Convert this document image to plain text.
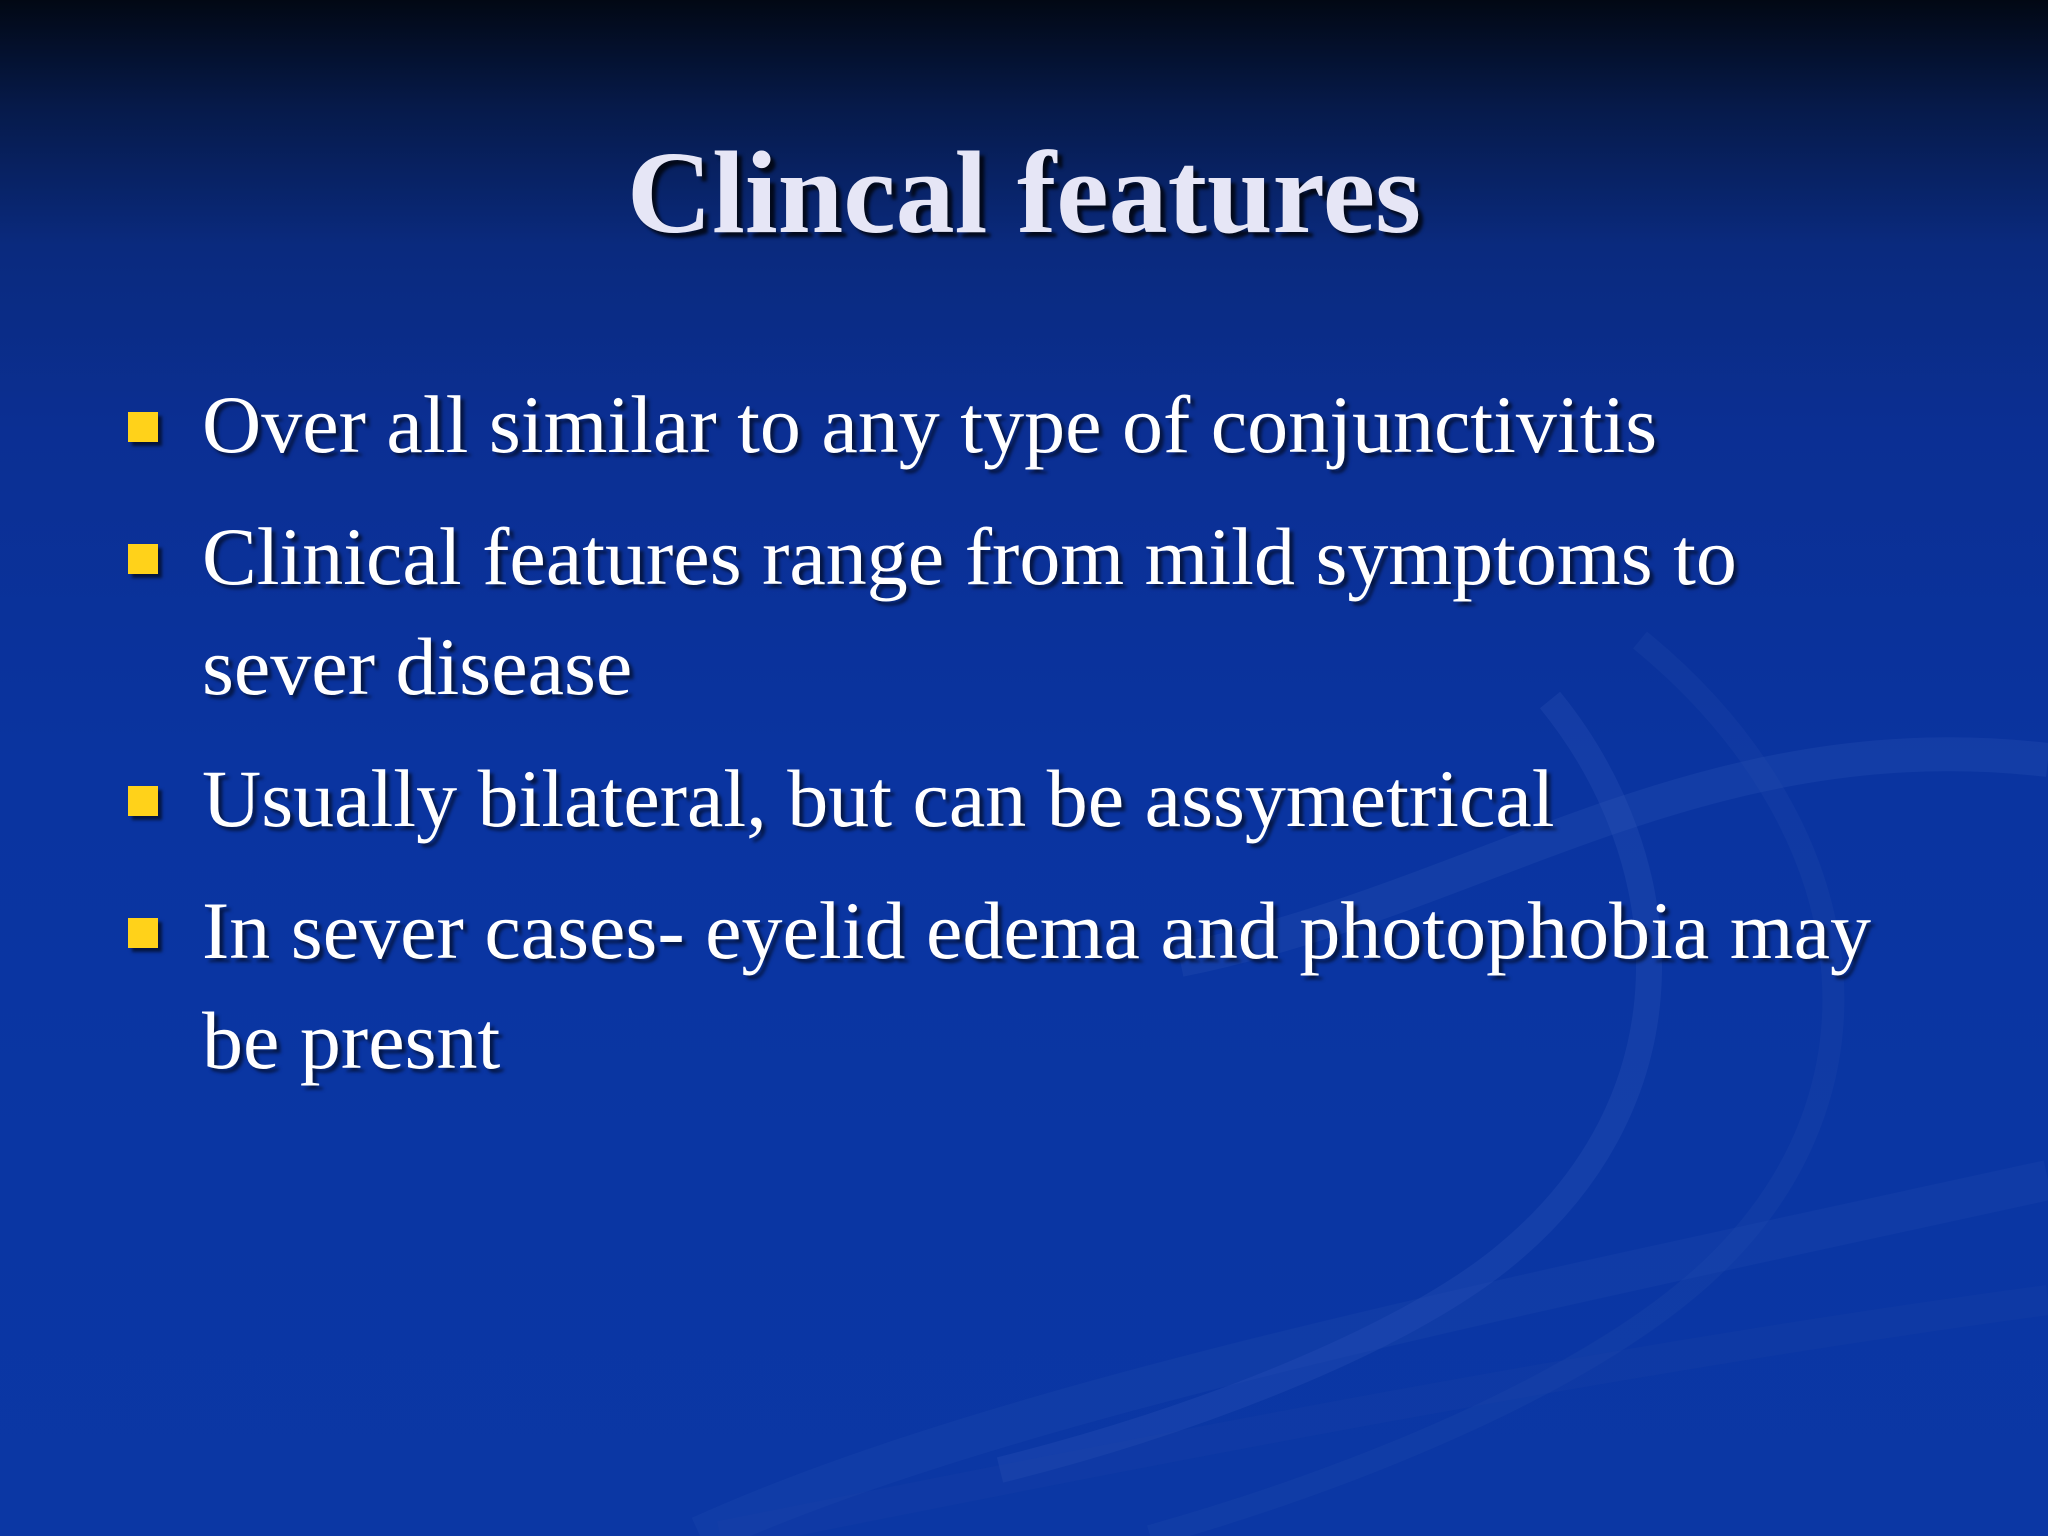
Clincal features
Over all similar to any type of conjunctivitis
Clinical features range from mild symptoms to sever disease
Usually bilateral, but can be assymetrical
In sever cases- eyelid edema and photophobia may be presnt
